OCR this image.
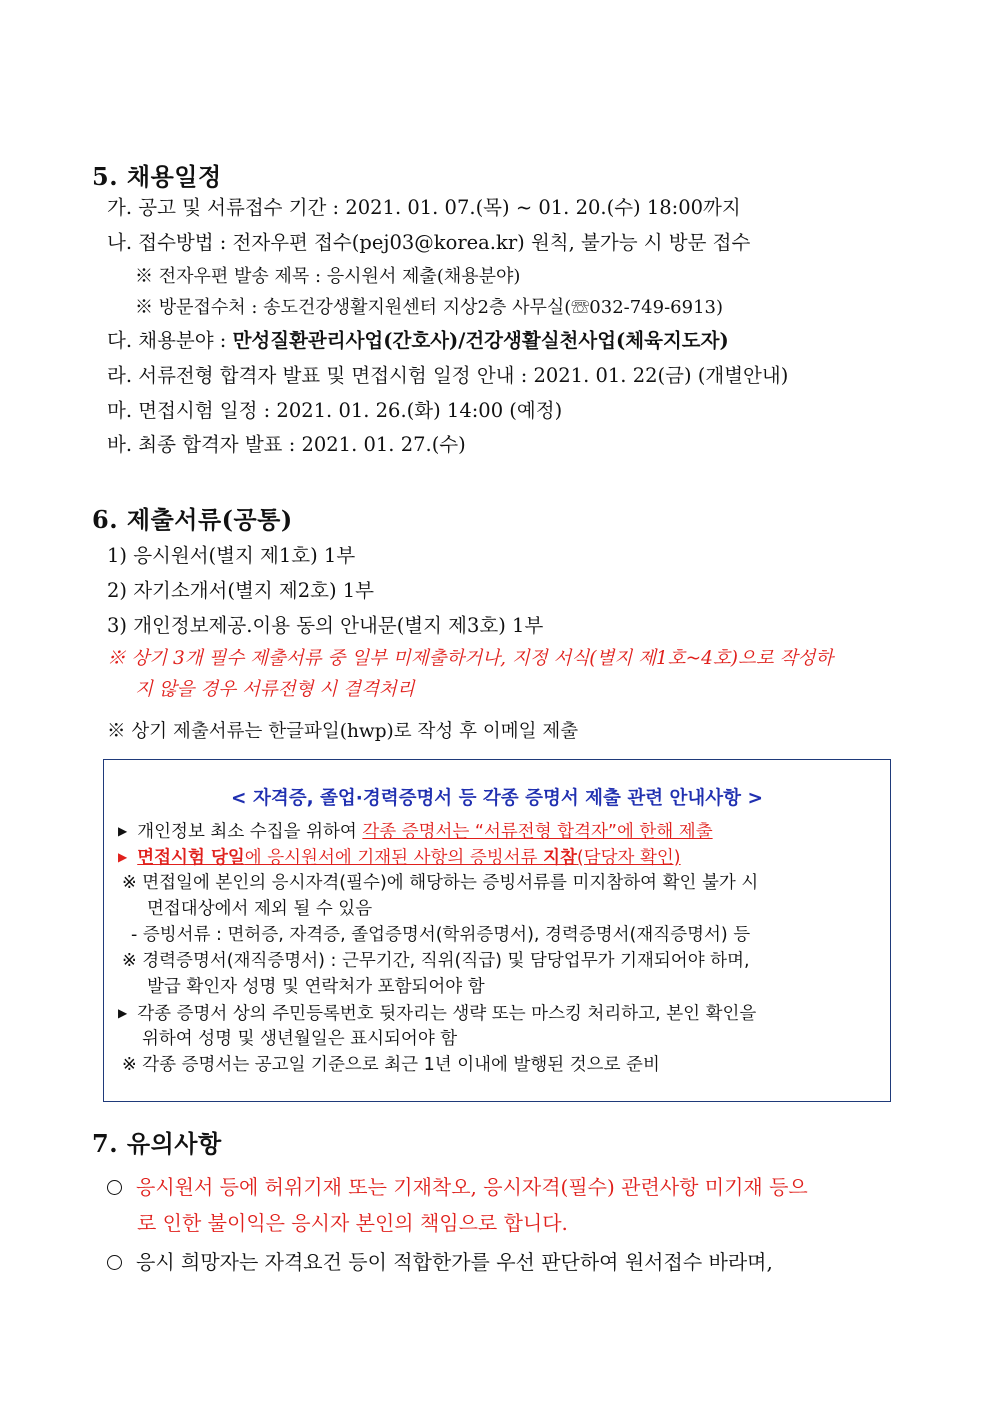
5. 채용일정
가. 공고 및 서류접수 기간 : 2021. 01. 07.(목) ~ 01. 20.(수) 18:00까지
나. 접수방법 : 전자우편 접수(pej03@korea.kr) 원칙, 불가능 시 방문 접수
※ 전자우편 발송 제목 : 응시원서 제출(채용분야)
※ 방문접수처 : 송도건강생활지원센터 지상2층 사무실(☏032-749-6913)
다. 채용분야 : 만성질환관리사업(간호사)/건강생활실천사업(체육지도자)
라. 서류전형 합격자 발표 및 면접시험 일정 안내 : 2021. 01. 22(금) (개별안내)
마. 면접시험 일정 : 2021. 01. 26.(화) 14:00 (예정)
바. 최종 합격자 발표 : 2021. 01. 27.(수)
6. 제출서류(공통)
1) 응시원서(별지 제1호) 1부
2) 자기소개서(별지 제2호) 1부
3) 개인정보제공.이용 동의 안내문(별지 제3호) 1부
※ 상기 3개 필수 제출서류 중 일부 미제출하거나, 지정 서식(별지 제1호~4호)으로 작성하
지 않을 경우 서류전형 시 결격처리
※ 상기 제출서류는 한글파일(hwp)로 작성 후 이메일 제출
< 자격증, 졸업·경력증명서 등 각종 증명서 제출 관련 안내사항 >
▶ 개인정보 최소 수집을 위하여 각종 증명서는 “서류전형 합격자”에 한해 제출
▶ 면접시험 당일에 응시원서에 기재된 사항의 증빙서류 지참(담당자 확인)
※ 면접일에 본인의 응시자격(필수)에 해당하는 증빙서류를 미지참하여 확인 불가 시
면접대상에서 제외 될 수 있음
- 증빙서류 : 면허증, 자격증, 졸업증명서(학위증명서), 경력증명서(재직증명서) 등
※ 경력증명서(재직증명서) : 근무기간, 직위(직급) 및 담당업무가 기재되어야 하며,
발급 확인자 성명 및 연락처가 포함되어야 함
▶ 각종 증명서 상의 주민등록번호 뒷자리는 생략 또는 마스킹 처리하고, 본인 확인을
위하여 성명 및 생년월일은 표시되어야 함
※ 각종 증명서는 공고일 기준으로 최근 1년 이내에 발행된 것으로 준비
7. 유의사항
응시원서 등에 허위기재 또는 기재착오, 응시자격(필수) 관련사항 미기재 등으
로 인한 불이익은 응시자 본인의 책임으로 합니다.
응시 희망자는 자격요건 등이 적합한가를 우선 판단하여 원서접수 바라며,
